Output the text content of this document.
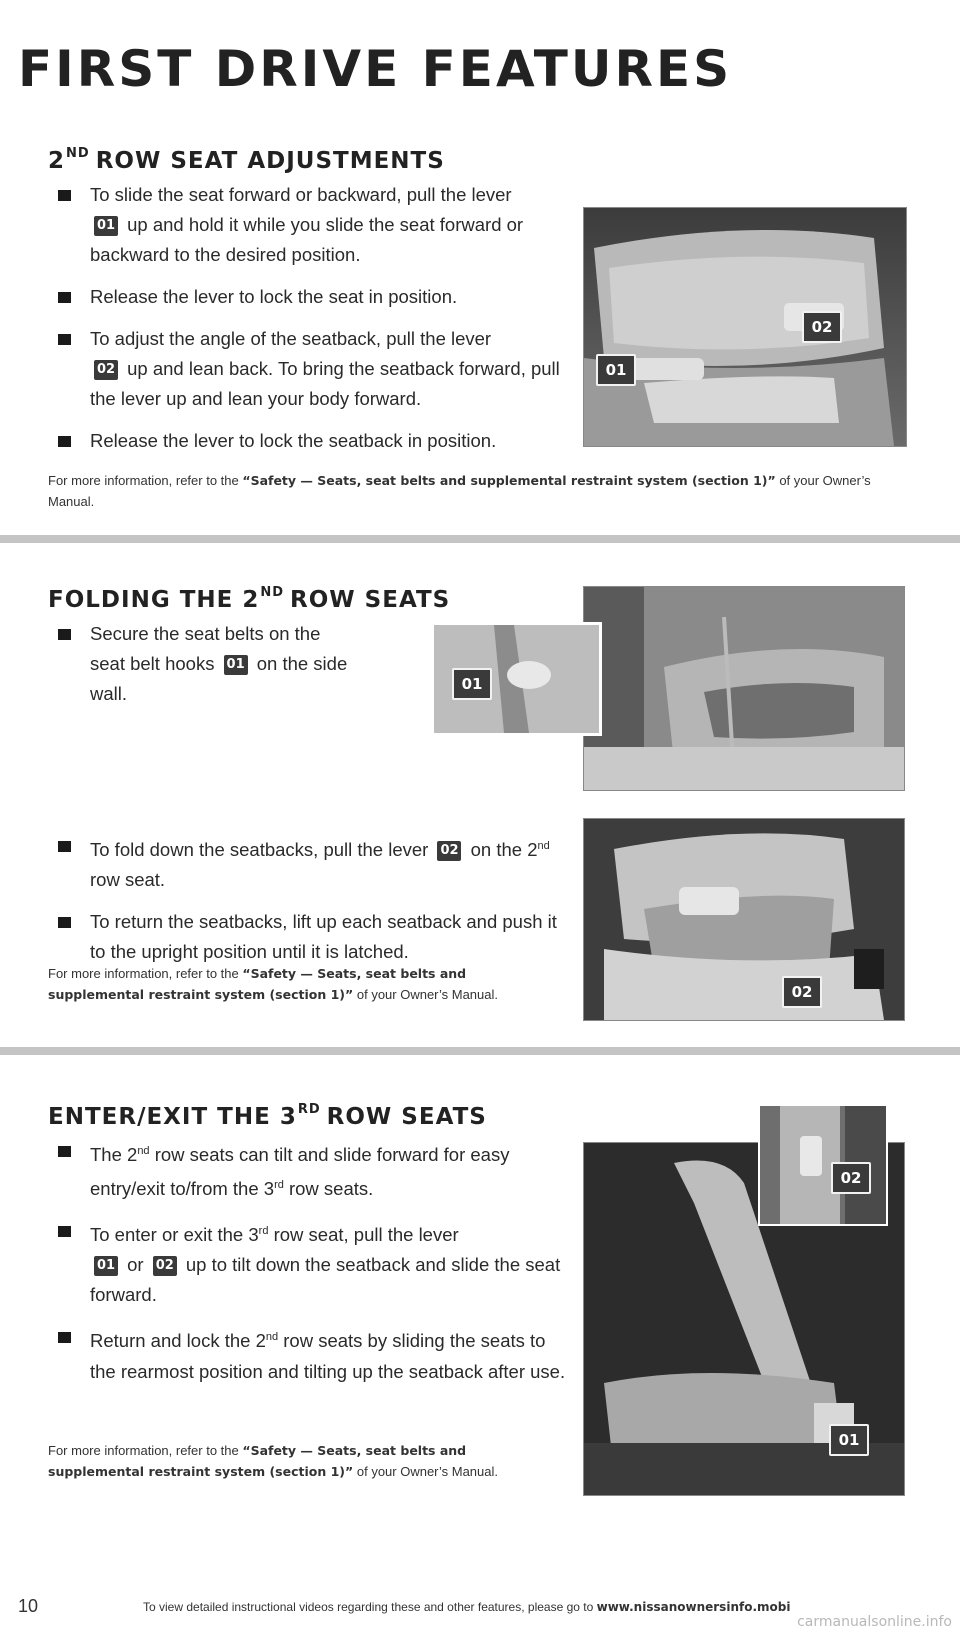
FIRST DRIVE FEATURES
2ND ROW SEAT ADJUSTMENTS
To slide the seat forward or backward, pull the lever
01 up and hold it while you slide the seat forward or backward to the desired position.
Release the lever to lock the seat in position.
To adjust the angle of the seatback, pull the lever
02 up and lean back. To bring the seatback forward, pull the lever up and lean your body forward.
Release the lever to lock the seatback in position.

For more information, refer to the “Safety — Seats, seat belts and supplemental restraint system (section 1)” of your Owner’s Manual.

01
02
FOLDING THE 2ND ROW SEATS
Secure the seat belts on the seat belt hooks 01 on the side wall.
To fold down the seatbacks, pull the lever 02 on the 2nd row seat.
To return the seatbacks, lift up each seatback and push it to the upright position until it is latched.

For more information, refer to the “Safety — Seats, seat belts and supplemental restraint system (section 1)” of your Owner’s Manual.

01
02
ENTER/EXIT THE 3RD ROW SEATS
The 2nd row seats can tilt and slide forward for easy entry/exit to/from the 3rd row seats.
To enter or exit the 3rd row seat, pull the lever
01 or 02 up to tilt down the seatback and slide the seat forward.
Return and lock the 2nd row seats by sliding the seats to the rearmost position and tilting up the seatback after use.

For more information, refer to the “Safety — Seats, seat belts and supplemental restraint system (section 1)” of your Owner’s Manual.

02
01
10	To view detailed instructional videos regarding these and other features, please go to www.nissanownersinfo.mobi
carmanualsonline.info
